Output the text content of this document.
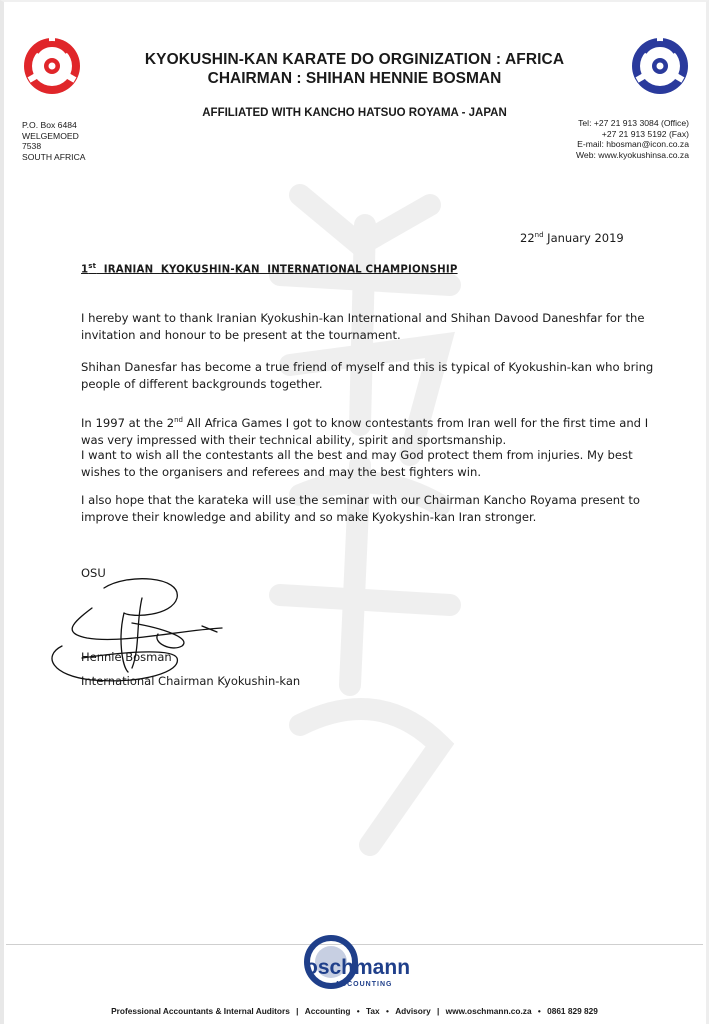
KYOKUSHIN-KAN KARATE DO ORGINIZATION : AFRICA
CHAIRMAN : SHIHAN HENNIE BOSMAN
AFFILIATED WITH KANCHO HATSUO ROYAMA - JAPAN
P.O. Box 6484
WELGEMOED
7538
SOUTH AFRICA
Tel: +27 21 913 3084 (Office)
+27 21 913 5192 (Fax)
E-mail: hbosman@icon.co.za
Web: www.kyokushinsa.co.za
22nd January 2019
1st  IRANIAN  KYOKUSHIN-KAN  INTERNATIONAL CHAMPIONSHIP
I hereby want to thank Iranian Kyokushin-kan International and Shihan Davood Daneshfar for the invitation and honour to be present at the tournament.
Shihan Danesfar has become a true friend of myself and this is typical of Kyokushin-kan who bring people of different backgrounds together.
In 1997 at the 2nd All Africa Games I got to know contestants from Iran well for the first time and I was very impressed with their technical ability, spirit and sportsmanship.
I want to wish all the contestants all the best and may God protect them from injuries. My best wishes to the organisers and referees and may the best fighters win.
I also hope that the karateka will use the seminar with our Chairman Kancho Royama present to improve their knowledge and ability and so make Kyokyshin-kan Iran stronger.
OSU
Hennie Bosman
International Chairman Kyokushin-kan
oschmann
ACCOUNTING
Professional Accountants & Internal Auditors | Accounting • Tax • Advisory | www.oschmann.co.za • 0861 829 829
